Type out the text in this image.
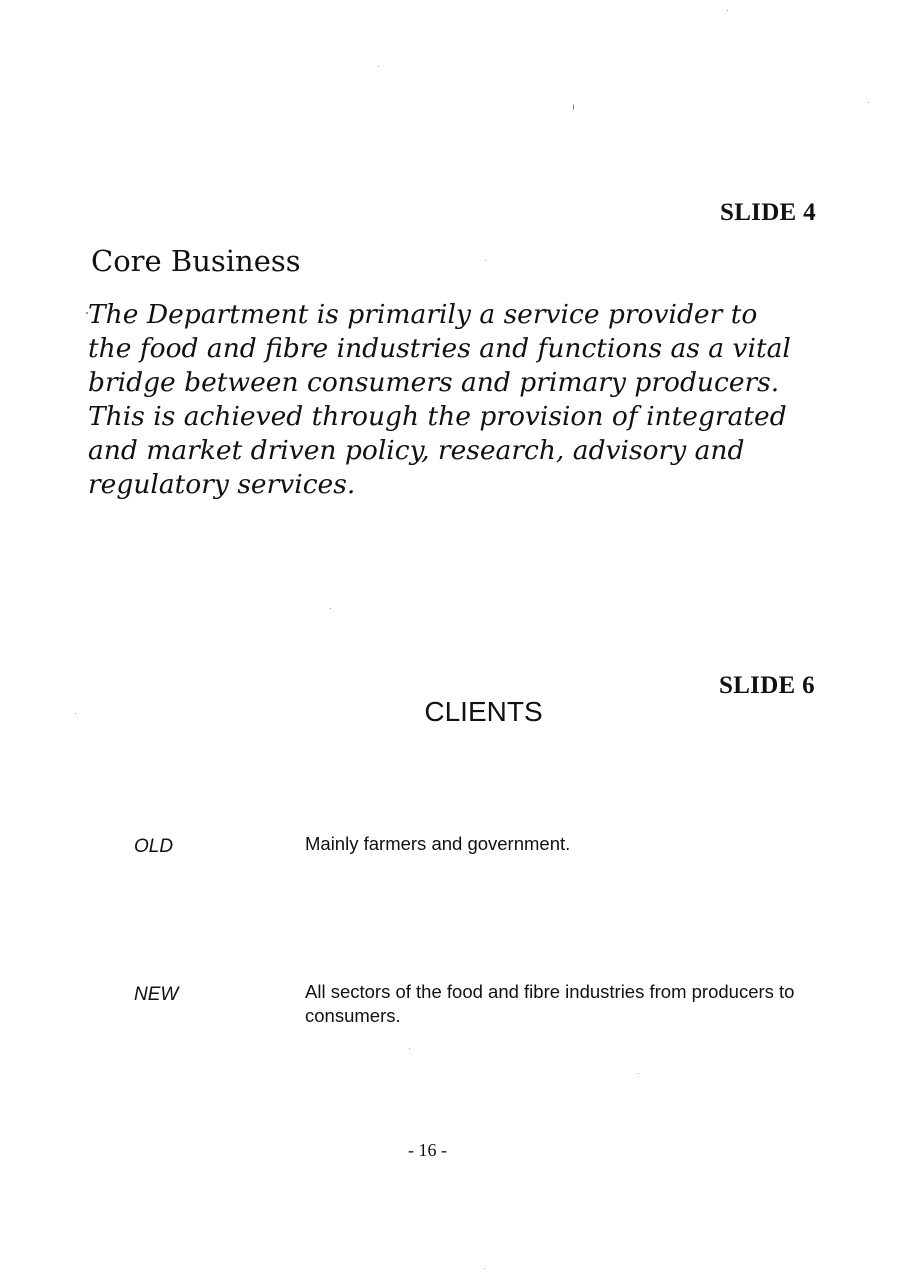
SLIDE 4
Core Business

The Department is primarily a service provider to the food and fibre industries and functions as a vital bridge between consumers and primary producers. This is achieved through the provision of integrated and market driven policy, research, advisory and regulatory services.

SLIDE 6
CLIENTS
OLD	Mainly farmers and government.

NEW	All sectors of the food and fibre industries from producers to consumers.

- 16 -
